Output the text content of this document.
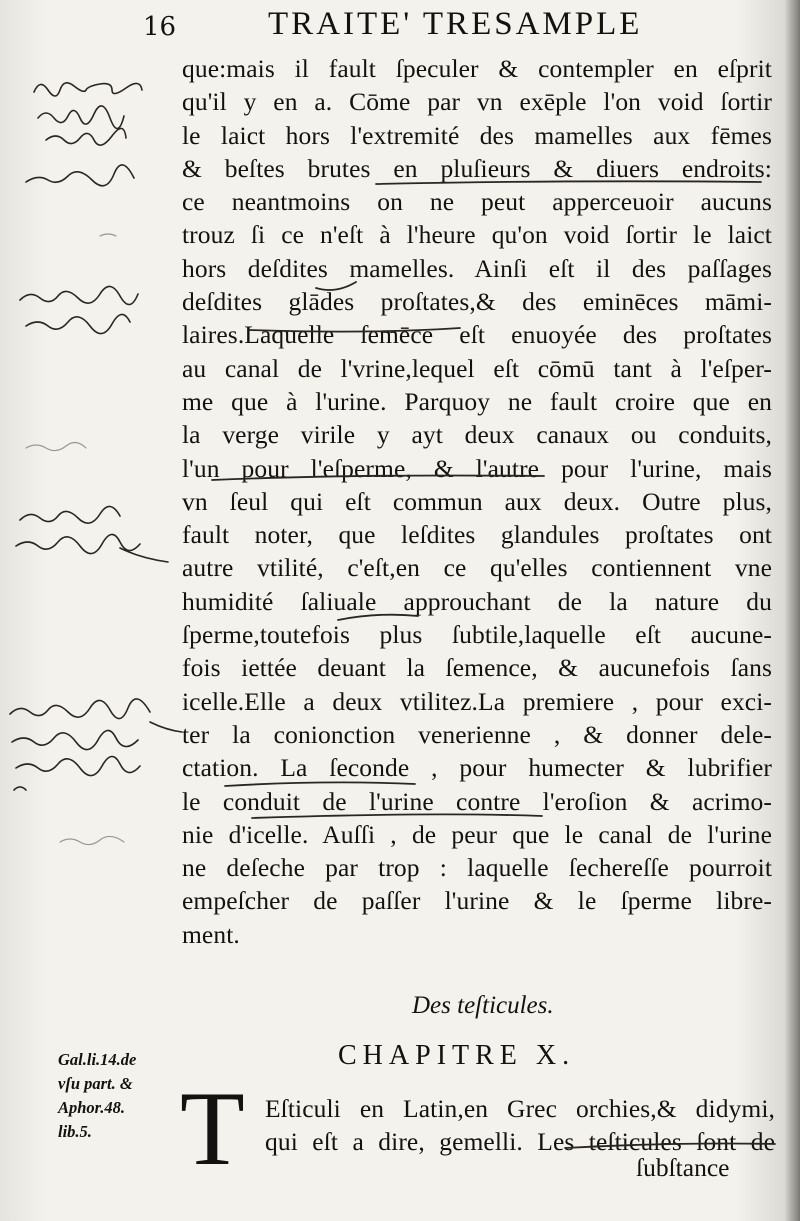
16	TRAITE' TRESAMPLE
que:mais il fault ſpeculer & contempler en eſprit
qu'il y en a. Cōme par vn exēple l'on void ſortir
le laict hors l'extremité des mamelles aux fēmes
& beſtes brutes en pluſieurs & diuers endroits:
ce neantmoins on ne peut apperceuoir aucuns
trouz ſi ce n'eſt à l'heure qu'on void ſortir le laict
hors deſdites mamelles. Ainſi eſt il des paſſages
deſdites glādes proſtates,& des eminēces māmi-
laires.Laquelle ſemēce eſt enuoyée des proſtates
au canal de l'vrine,lequel eſt cōmū tant à l'eſper-
me que à l'urine. Parquoy ne fault croire que en
la verge virile y ayt deux canaux ou conduits,
l'un pour l'eſperme, & l'autre pour l'urine, mais
vn ſeul qui eſt commun aux deux. Outre plus,
fault noter, que leſdites glandules proſtates ont
autre vtilité, c'eſt,en ce qu'elles contiennent vne
humidité ſaliuale approuchant de la nature du
ſperme,toutefois plus ſubtile,laquelle eſt aucune-
fois iettée deuant la ſemence, & aucunefois ſans
icelle.Elle a deux vtilitez.La premiere , pour exci-
ter la conionction venerienne , & donner dele-
ctation. La ſeconde , pour humecter & lubrifier
le conduit de l'urine contre l'eroſion & acrimo-
nie d'icelle. Auſſi , de peur que le canal de l'urine
ne deſeche par trop : laquelle ſechereſſe pourroit
empeſcher de paſſer l'urine & le ſperme libre-
ment.
Des teſticules.
CHAPITRE X.
T Eſticuli en Latin,en Grec orchies,& didymi,
qui eſt a dire, gemelli. Les teſticules ſont de
ſubſtance
Gal.li.14.de
vſu part. &
Aphor.48.
lib.5.
